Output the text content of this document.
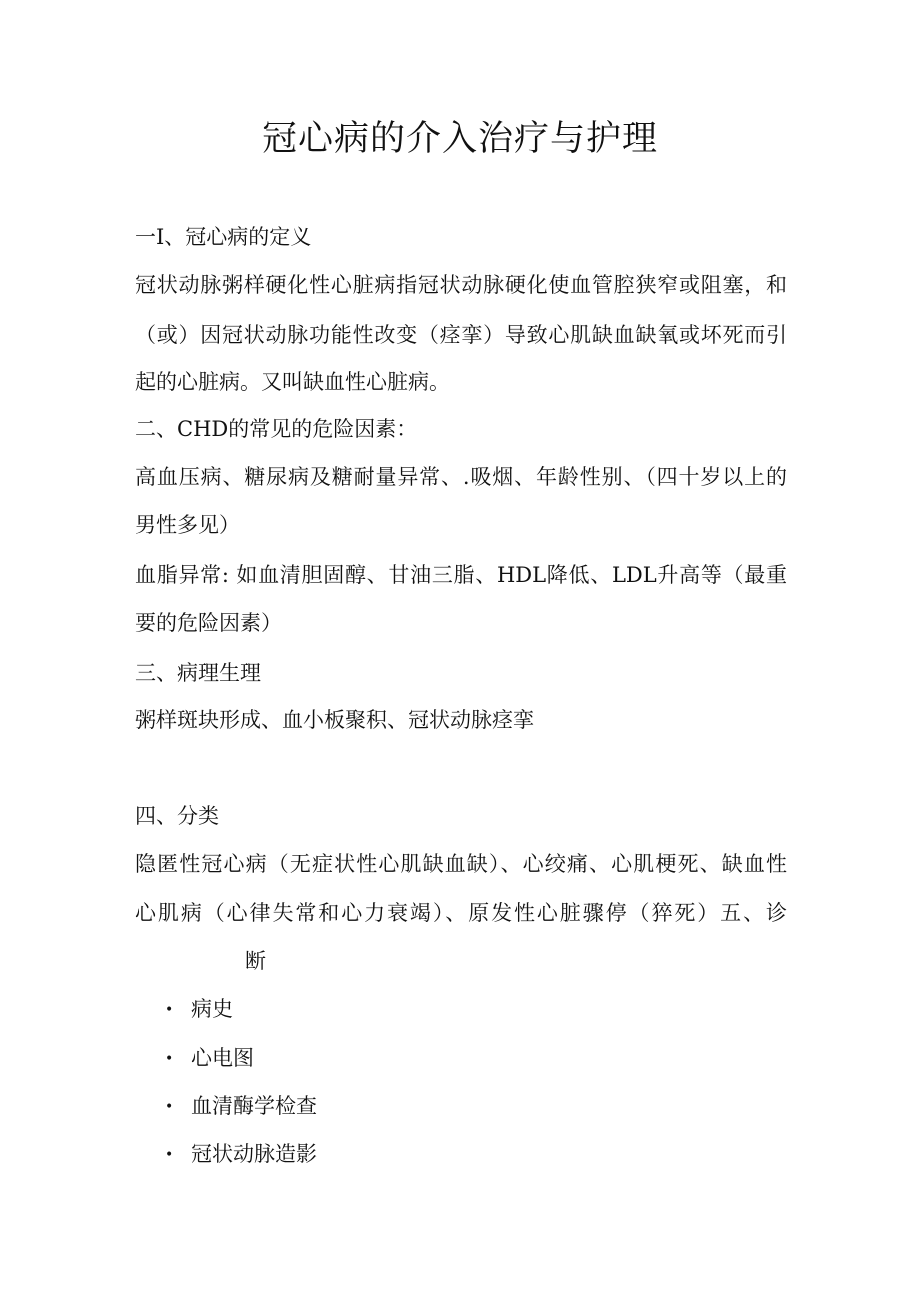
冠心病的介入治疗与护理
一I、冠心病的定义
冠状动脉粥样硬化性心脏病指冠状动脉硬化使血管腔狭窄或阻塞，和
（或）因冠状动脉功能性改变（痉挛）导致心肌缺血缺氧或坏死而引
起的心脏病。又叫缺血性心脏病。
二、CHD的常见的危险因素：
高血压病、糖尿病及糖耐量异常、.吸烟、年龄性别、（四十岁以上的
男性多见）
血脂异常: 如血清胆固醇、甘油三脂、HDL降低、LDL升高等（最重
要的危险因素）
三、病理生理
粥样斑块形成、血小板聚积、冠状动脉痉挛
四、分类
隐匿性冠心病（无症状性心肌缺血缺）、心绞痛、心肌梗死、缺血性
心肌病（心律失常和心力衰竭）、原发性心脏骤停（猝死）五、诊
断
• 病史
• 心电图
• 血清酶学检查
• 冠状动脉造影
